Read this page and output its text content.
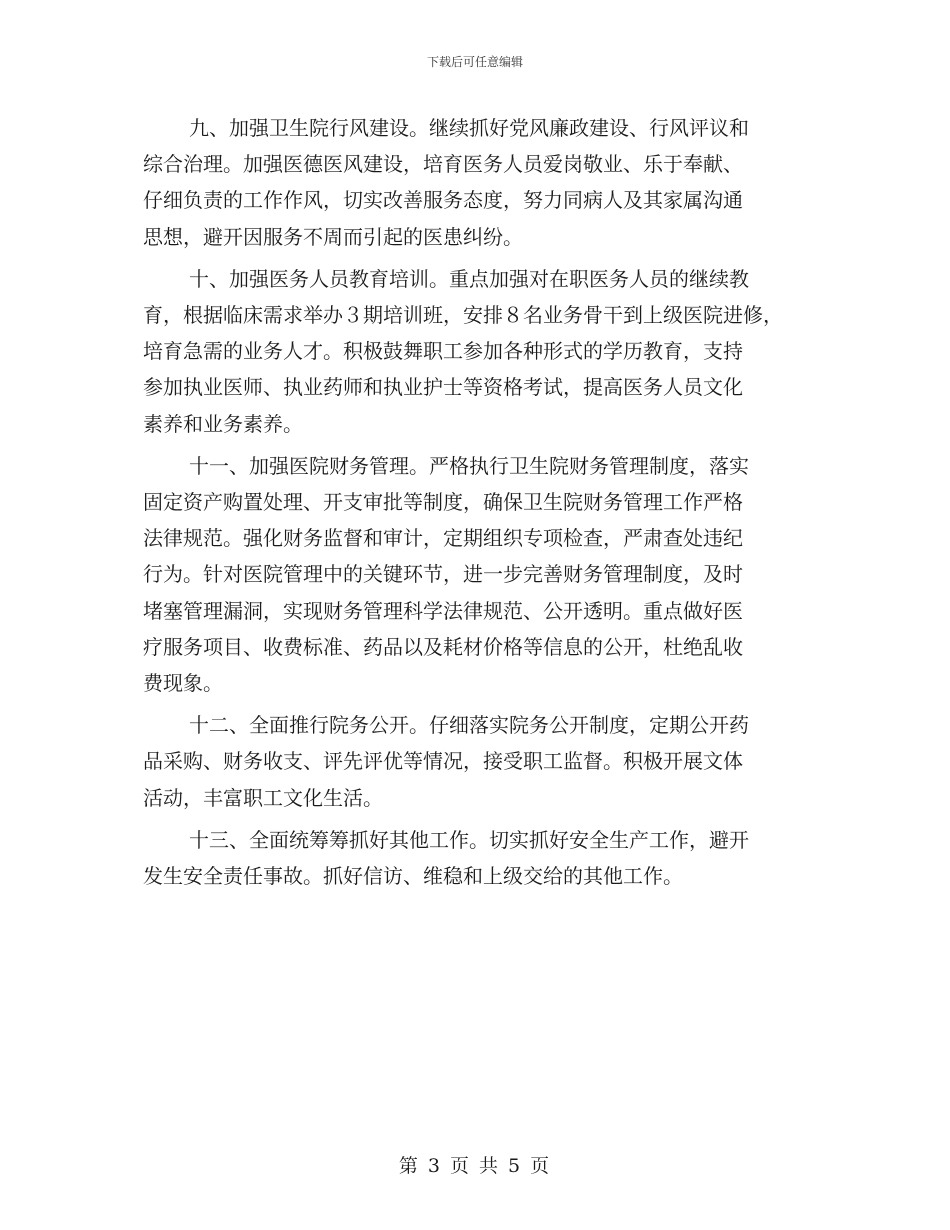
下载后可任意编辑

九、加强卫生院行风建设。继续抓好党风廉政建设、行风评议和
综合治理。加强医德医风建设，培育医务人员爱岗敬业、乐于奉献、
仔细负责的工作作风，切实改善服务态度，努力同病人及其家属沟通
思想，避开因服务不周而引起的医患纠纷。

十、加强医务人员教育培训。重点加强对在职医务人员的继续教
育，根据临床需求举办３期培训班，安排８名业务骨干到上级医院进修，
培育急需的业务人才。积极鼓舞职工参加各种形式的学历教育，支持
参加执业医师、执业药师和执业护士等资格考试，提高医务人员文化
素养和业务素养。

十一、加强医院财务管理。严格执行卫生院财务管理制度，落实
固定资产购置处理、开支审批等制度，确保卫生院财务管理工作严格
法律规范。强化财务监督和审计，定期组织专项检查，严肃查处违纪
行为。针对医院管理中的关键环节，进一步完善财务管理制度，及时
堵塞管理漏洞，实现财务管理科学法律规范、公开透明。重点做好医
疗服务项目、收费标准、药品以及耗材价格等信息的公开，杜绝乱收
费现象。

十二、全面推行院务公开。仔细落实院务公开制度，定期公开药
品采购、财务收支、评先评优等情况，接受职工监督。积极开展文体
活动，丰富职工文化生活。

十三、全面统筹筹抓好其他工作。切实抓好安全生产工作，避开
发生安全责任事故。抓好信访、维稳和上级交给的其他工作。

第 3 页 共 5 页
